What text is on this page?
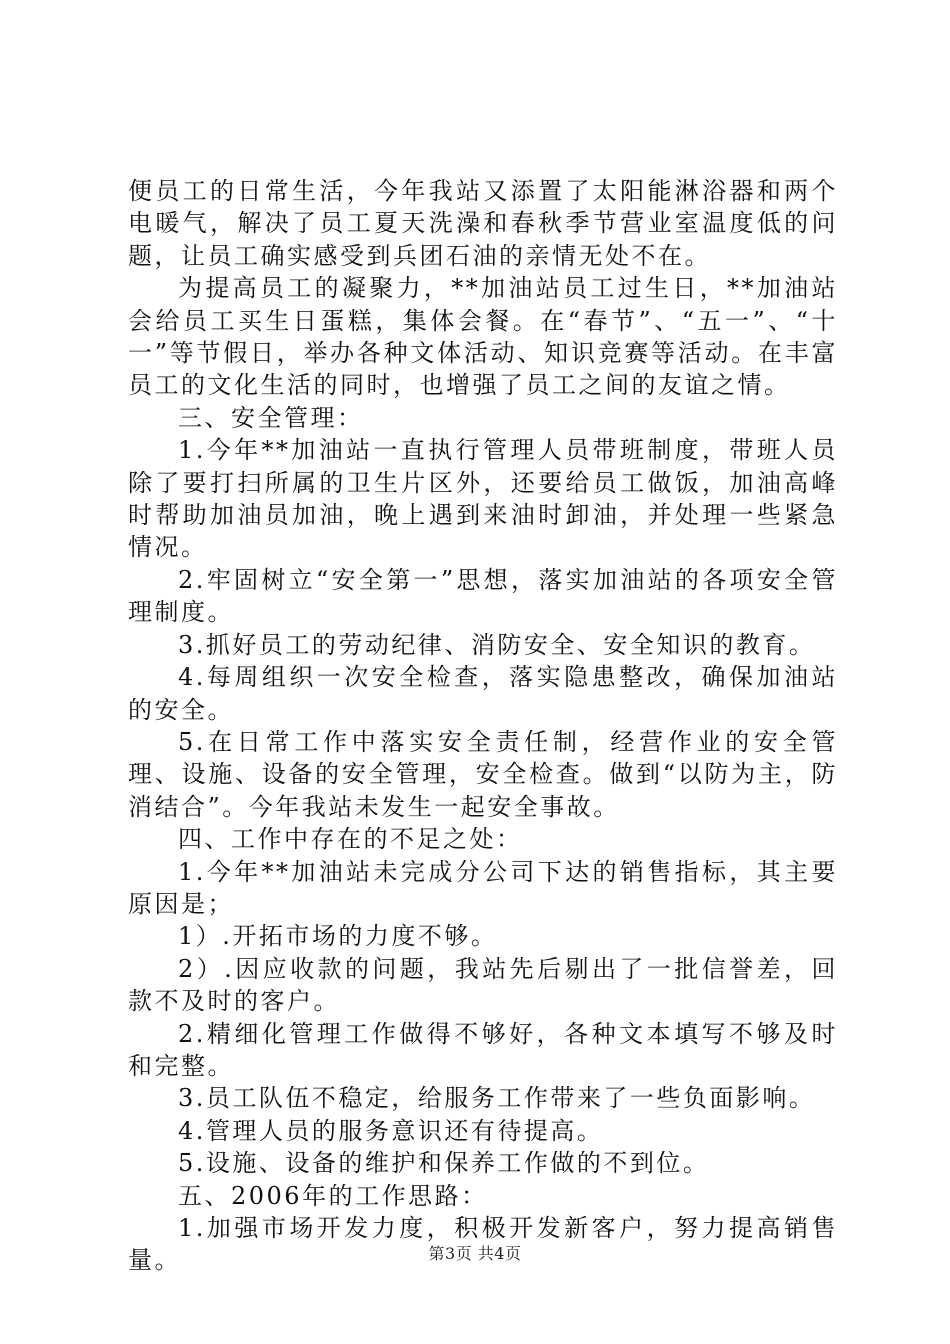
便员工的日常生活，今年我站又添置了太阳能淋浴器和两个电暖气，解决了员工夏天洗澡和春秋季节营业室温度低的问题，让员工确实感受到兵团石油的亲情无处不在。

为提高员工的凝聚力，**加油站员工过生日，**加油站会给员工买生日蛋糕，集体会餐。在“春节”、“五一”、“十一”等节假日，举办各种文体活动、知识竞赛等活动。在丰富员工的文化生活的同时，也增强了员工之间的友谊之情。

三、安全管理：

1.今年**加油站一直执行管理人员带班制度，带班人员除了要打扫所属的卫生片区外，还要给员工做饭，加油高峰时帮助加油员加油，晚上遇到来油时卸油，并处理一些紧急情况。

2.牢固树立“安全第一”思想，落实加油站的各项安全管理制度。

3.抓好员工的劳动纪律、消防安全、安全知识的教育。

4.每周组织一次安全检查，落实隐患整改，确保加油站的安全。

5.在日常工作中落实安全责任制，经营作业的安全管理、设施、设备的安全管理，安全检查。做到“以防为主，防消结合”。今年我站未发生一起安全事故。

四、工作中存在的不足之处：

1.今年**加油站未完成分公司下达的销售指标，其主要原因是；

1）.开拓市场的力度不够。

2）.因应收款的问题，我站先后剔出了一批信誉差，回款不及时的客户。

2.精细化管理工作做得不够好，各种文本填写不够及时和完整。

3.员工队伍不稳定，给服务工作带来了一些负面影响。

4.管理人员的服务意识还有待提高。

5.设施、设备的维护和保养工作做的不到位。

五、2006年的工作思路：

1.加强市场开发力度，积极开发新客户，努力提高销售量。	第3页 共4页
